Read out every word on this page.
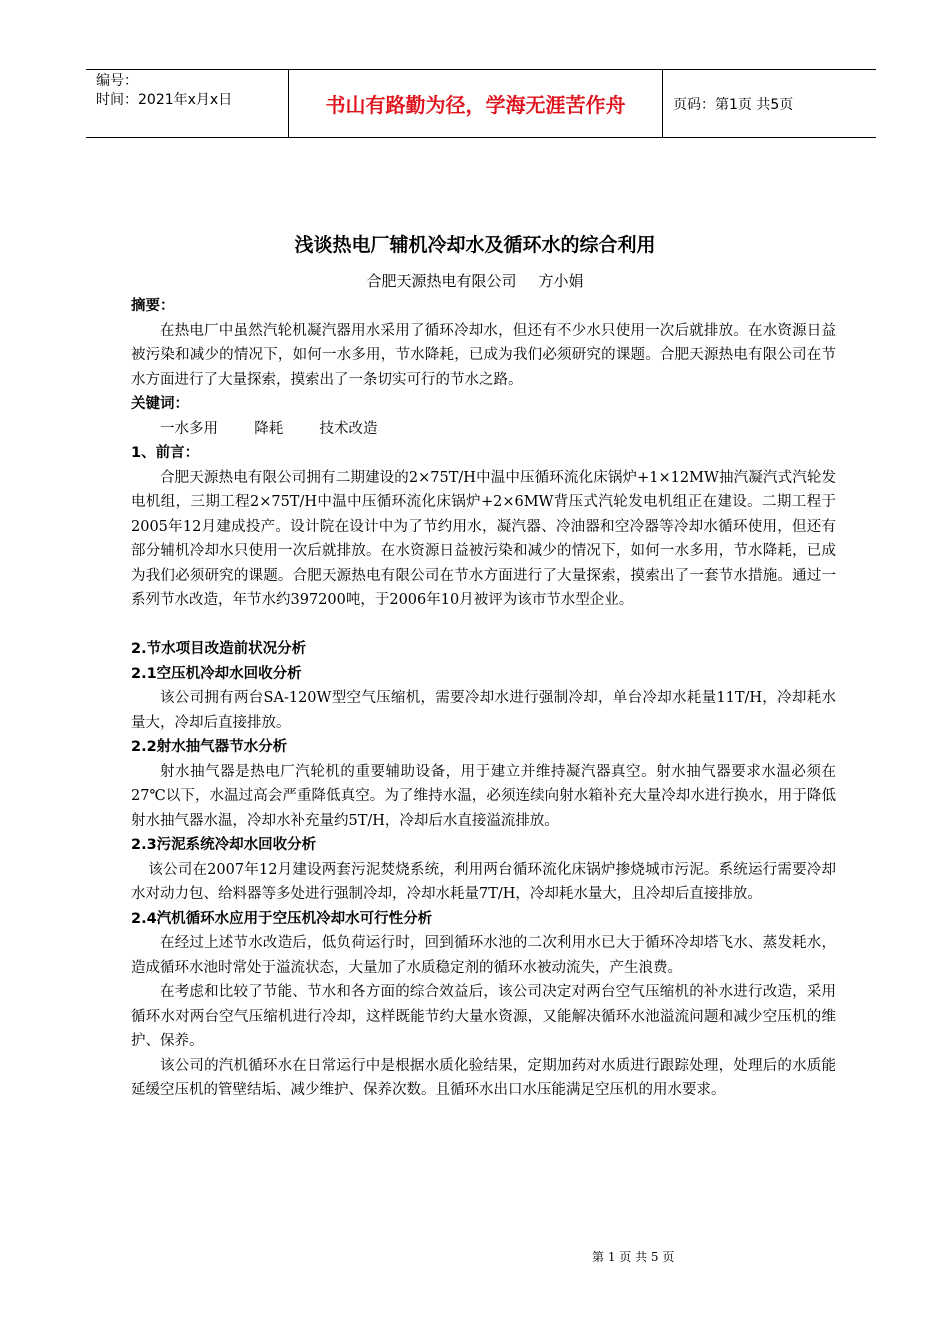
编号：
时间：2021年x月x日	书山有路勤为径，学海无涯苦作舟	页码：第1页 共5页
浅谈热电厂辅机冷却水及循环水的综合利用
合肥天源热电有限公司 方小娟

摘要：

在热电厂中虽然汽轮机凝汽器用水采用了循环冷却水，但还有不少水只使用一次后就排放。在水资源日益被污染和减少的情况下，如何一水多用，节水降耗，已成为我们必须研究的课题。合肥天源热电有限公司在节水方面进行了大量探索，摸索出了一条切实可行的节水之路。

关键词：

一水多用	降耗	技术改造

1、前言：

合肥天源热电有限公司拥有二期建设的2×75T/H中温中压循环流化床锅炉+1×12MW抽汽凝汽式汽轮发电机组，三期工程2×75T/H中温中压循环流化床锅炉+2×6MW背压式汽轮发电机组正在建设。二期工程于2005年12月建成投产。设计院在设计中为了节约用水，凝汽器、冷油器和空冷器等冷却水循环使用，但还有部分辅机冷却水只使用一次后就排放。在水资源日益被污染和减少的情况下，如何一水多用，节水降耗，已成为我们必须研究的课题。合肥天源热电有限公司在节水方面进行了大量探索，摸索出了一套节水措施。通过一系列节水改造，年节水约397200吨，于2006年10月被评为该市节水型企业。

2.节水项目改造前状况分析

2.1空压机冷却水回收分析

该公司拥有两台SA-120W型空气压缩机，需要冷却水进行强制冷却，单台冷却水耗量11T/H，冷却耗水量大，冷却后直接排放。

2.2射水抽气器节水分析

射水抽气器是热电厂汽轮机的重要辅助设备，用于建立并维持凝汽器真空。射水抽气器要求水温必须在27℃以下，水温过高会严重降低真空。为了维持水温，必须连续向射水箱补充大量冷却水进行换水，用于降低射水抽气器水温，冷却水补充量约5T/H，冷却后水直接溢流排放。

2.3污泥系统冷却水回收分析

该公司在2007年12月建设两套污泥焚烧系统，利用两台循环流化床锅炉掺烧城市污泥。系统运行需要冷却水对动力包、给料器等多处进行强制冷却，冷却水耗量7T/H，冷却耗水量大，且冷却后直接排放。

2.4汽机循环水应用于空压机冷却水可行性分析

在经过上述节水改造后，低负荷运行时，回到循环水池的二次利用水已大于循环冷却塔飞水、蒸发耗水，造成循环水池时常处于溢流状态，大量加了水质稳定剂的循环水被动流失，产生浪费。

在考虑和比较了节能、节水和各方面的综合效益后，该公司决定对两台空气压缩机的补水进行改造，采用循环水对两台空气压缩机进行冷却，这样既能节约大量水资源，又能解决循环水池溢流问题和减少空压机的维护、保养。

该公司的汽机循环水在日常运行中是根据水质化验结果，定期加药对水质进行跟踪处理，处理后的水质能延缓空压机的管壁结垢、减少维护、保养次数。且循环水出口水压能满足空压机的用水要求。

第 1 页 共 5 页
